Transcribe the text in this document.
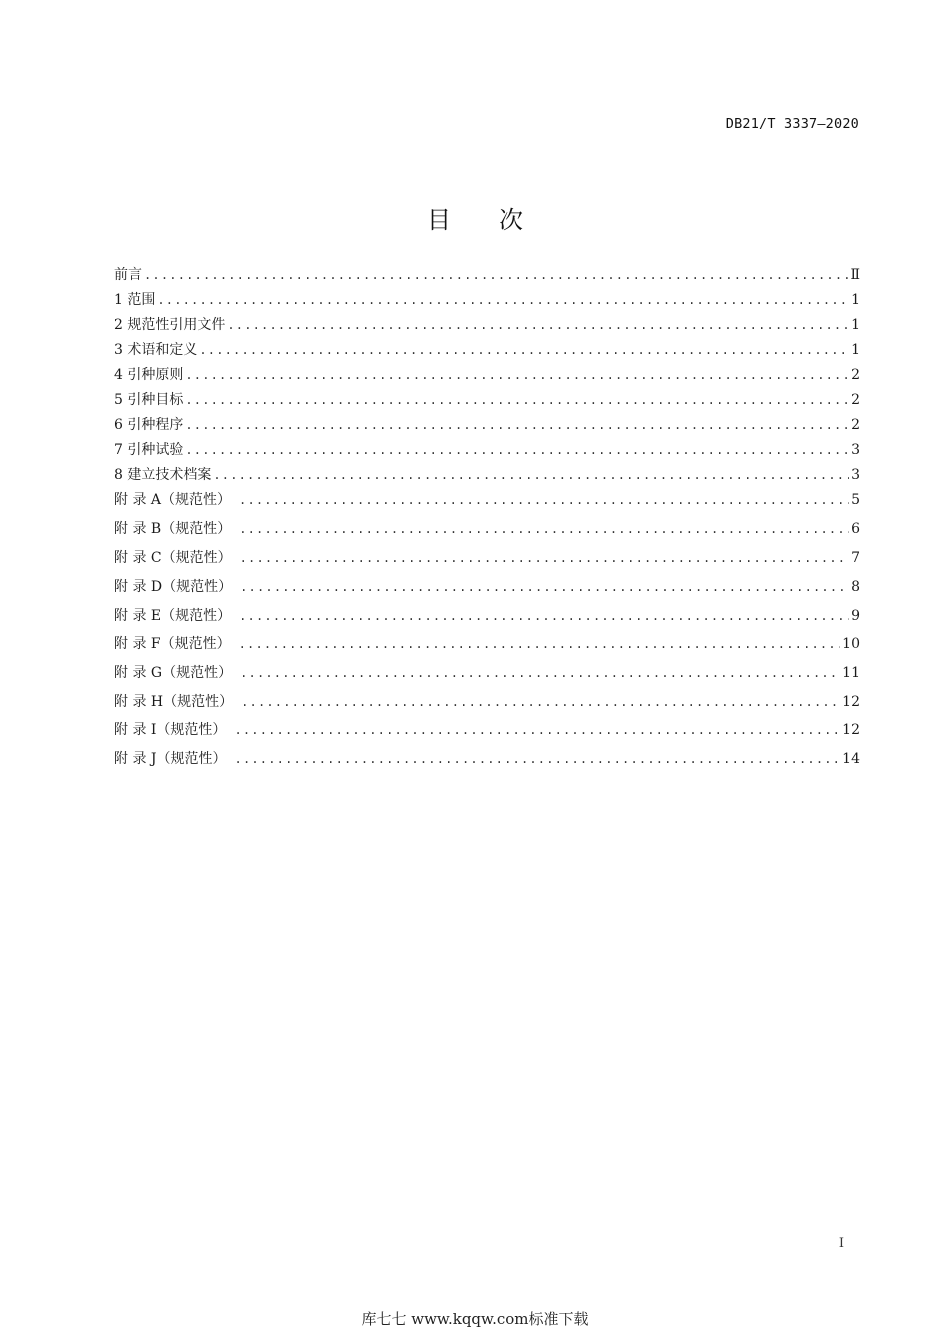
DB21/T 3337—2020
目次
前言 .....	Ⅱ
1 范围 .....	1
2 规范性引用文件 .....	1
3 术语和定义 .....	1
4 引种原则 .....	2
5 引种目标 .....	2
6 引种程序 .....	2
7 引种试验 .....	3
8 建立技术档案 .....	3
附 录 A（规范性） .....	5
附 录 B（规范性） .....	6
附 录 C（规范性） .....	7
附 录 D（规范性） .....	8
附 录 E（规范性） .....	9
附 录 F（规范性） .....	10
附 录 G（规范性） .....	11
附 录 H（规范性） .....	12
附 录 I（规范性） .....	12
附 录 J（规范性） .....	14
I
库七七 www.kqqw.com标准下载
